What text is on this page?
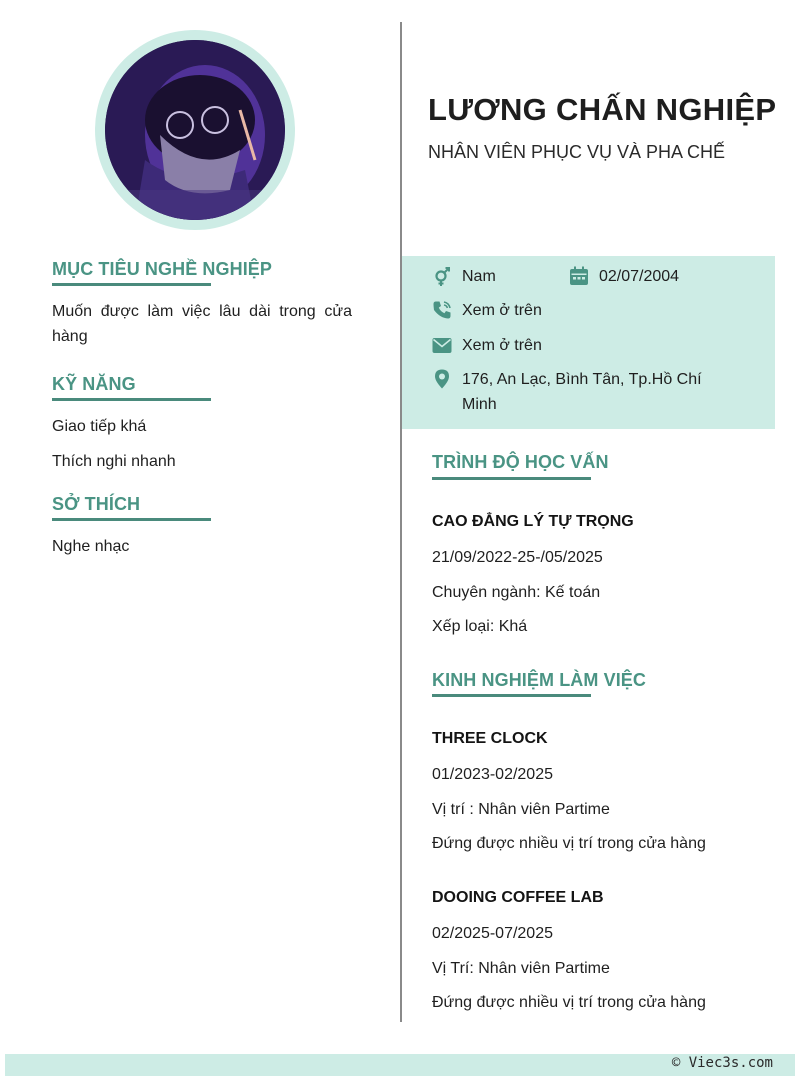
MỤC TIÊU NGHỀ NGHIỆP
Muốn được làm việc lâu dài trong cửa
hàng
KỸ NĂNG
Giao tiếp khá
Thích nghi nhanh
SỞ THÍCH
Nghe nhạc
LƯƠNG CHẤN NGHIỆP
NHÂN VIÊN PHỤC VỤ VÀ PHA CHẾ
Nam	02/07/2004
Xem ở trên
Xem ở trên
176, An Lạc, Bình Tân, Tp.Hồ Chí
Minh
TRÌNH ĐỘ HỌC VẤN
CAO ĐẲNG LÝ TỰ TRỌNG
21/09/2022-25-/05/2025
Chuyên ngành: Kế toán
Xếp loại: Khá
KINH NGHIỆM LÀM VIỆC
THREE CLOCK
01/2023-02/2025
Vị trí : Nhân viên Partime
Đứng được nhiều vị trí trong cửa hàng
DOOING COFFEE LAB
02/2025-07/2025
Vị Trí: Nhân viên Partime
Đứng được nhiều vị trí trong cửa hàng
© Viec3s.com
